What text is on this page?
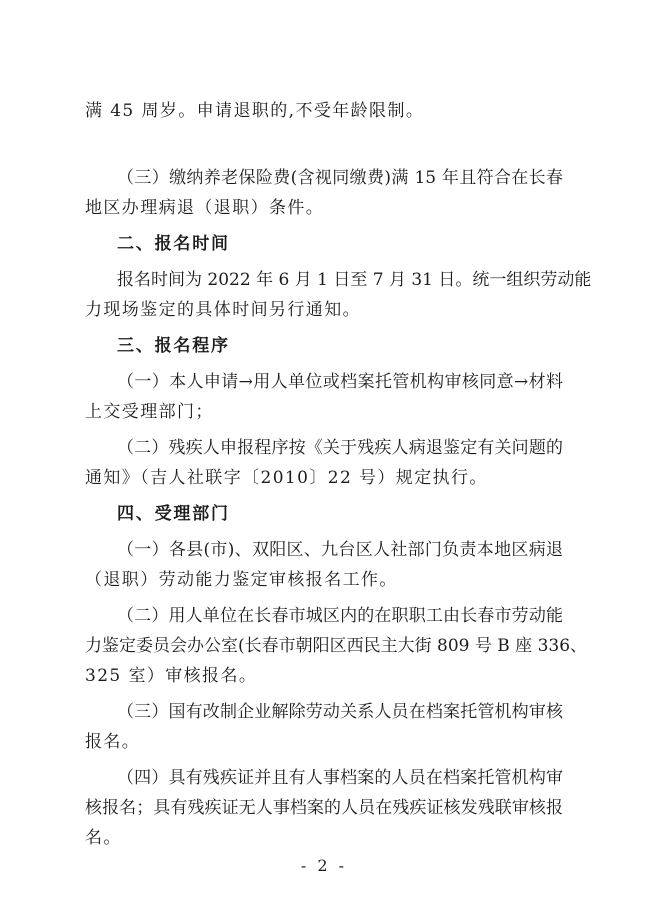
满 45 周岁。申请退职的,不受年龄限制。
（三）缴纳养老保险费(含视同缴费)满 15 年且符合在长春
地区办理病退（退职）条件。
二、报名时间
报名时间为 2022 年 6 月 1 日至 7 月 31 日。统一组织劳动能
力现场鉴定的具体时间另行通知。
三、报名程序
（一）本人申请→用人单位或档案托管机构审核同意→材料
上交受理部门；
（二）残疾人申报程序按《关于残疾人病退鉴定有关问题的
通知》（吉人社联字〔2010〕22 号）规定执行。
四、受理部门
（一）各县(市)、双阳区、九台区人社部门负责本地区病退
（退职）劳动能力鉴定审核报名工作。
（二）用人单位在长春市城区内的在职职工由长春市劳动能
力鉴定委员会办公室(长春市朝阳区西民主大街 809 号 B 座 336、
325 室）审核报名。
（三）国有改制企业解除劳动关系人员在档案托管机构审核
报名。
（四）具有残疾证并且有人事档案的人员在档案托管机构审
核报名；具有残疾证无人事档案的人员在残疾证核发残联审核报
名。
- 2 -
